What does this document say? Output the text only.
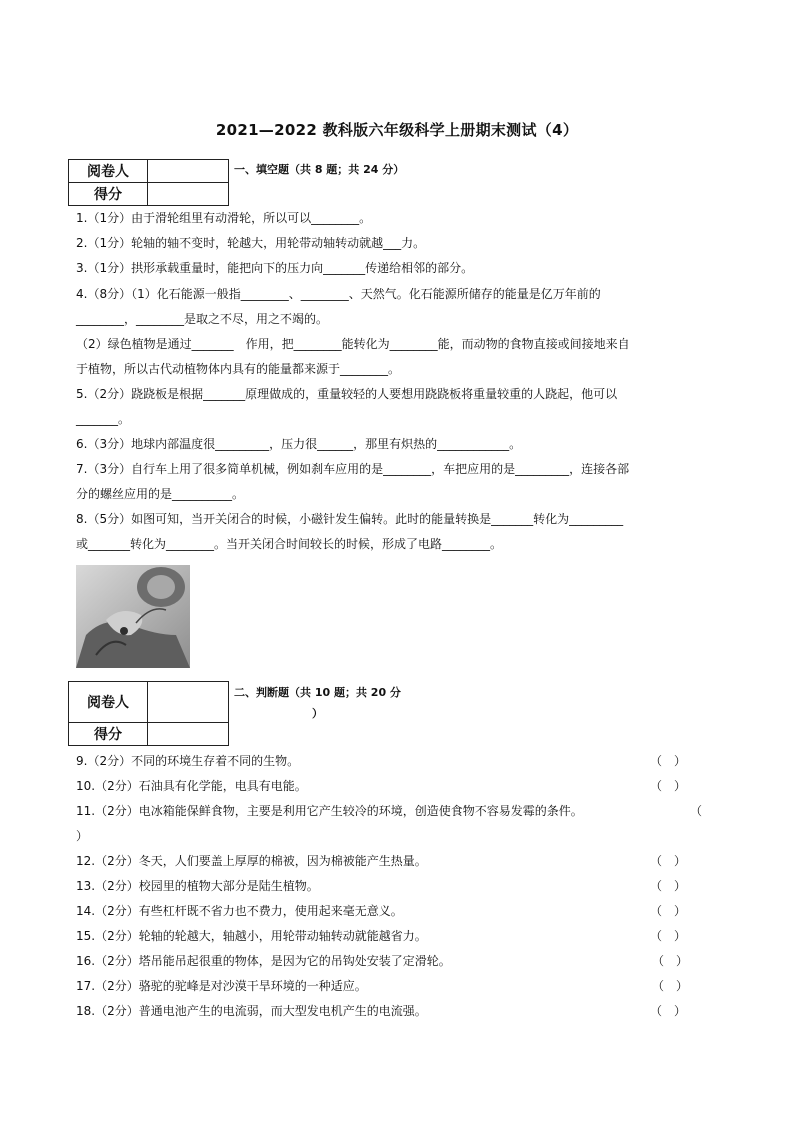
2021—2022 教科版六年级科学上册期末测试（4）
阅卷人	
得分	
一、填空题（共 8 题；共 24 分）
1.（1分）由于滑轮组里有动滑轮，所以可以________。
2.（1分）轮轴的轴不变时，轮越大，用轮带动轴转动就越___力。
3.（1分）拱形承载重量时，能把向下的压力向_______传递给相邻的部分。
4.（8分）（1）化石能源一般指________、________、天然气。化石能源所储存的能量是亿万年前的
________，________是取之不尽，用之不竭的。
（2）绿色植物是通过_______　作用，把________能转化为________能，而动物的食物直接或间接地来自
于植物，所以古代动植物体内具有的能量都来源于________。
5.（2分）跷跷板是根据_______原理做成的，重量较轻的人要想用跷跷板将重量较重的人跷起，他可以
_______。
6.（3分）地球内部温度很_________，压力很______，那里有炽热的____________。
7.（3分）自行车上用了很多简单机械，例如刹车应用的是________，车把应用的是_________，连接各部
分的螺丝应用的是__________。
8.（5分）如图可知，当开关闭合的时候，小磁针发生偏转。此时的能量转换是_______转化为_________
或_______转化为________。当开关闭合时间较长的时候，形成了电路________。
阅卷人	
得分	
二、判断题（共 10 题；共 20 分
）
9.（2分）不同的环境生存着不同的生物。	（　）
10.（2分）石油具有化学能，电具有电能。	（　）
11.（2分）电冰箱能保鲜食物，主要是利用它产生较冷的环境，创造使食物不容易发霉的条件。	（
）
12.（2分）冬天，人们要盖上厚厚的棉被，因为棉被能产生热量。	（　）
13.（2分）校园里的植物大部分是陆生植物。	（　）
14.（2分）有些杠杆既不省力也不费力，使用起来毫无意义。	（　）
15.（2分）轮轴的轮越大，轴越小，用轮带动轴转动就能越省力。	（　）
16.（2分）塔吊能吊起很重的物体，是因为它的吊钩处安装了定滑轮。	（　）
17.（2分）骆驼的驼峰是对沙漠干旱环境的一种适应。	（　）
18.（2分）普通电池产生的电流弱，而大型发电机产生的电流强。	（　）
